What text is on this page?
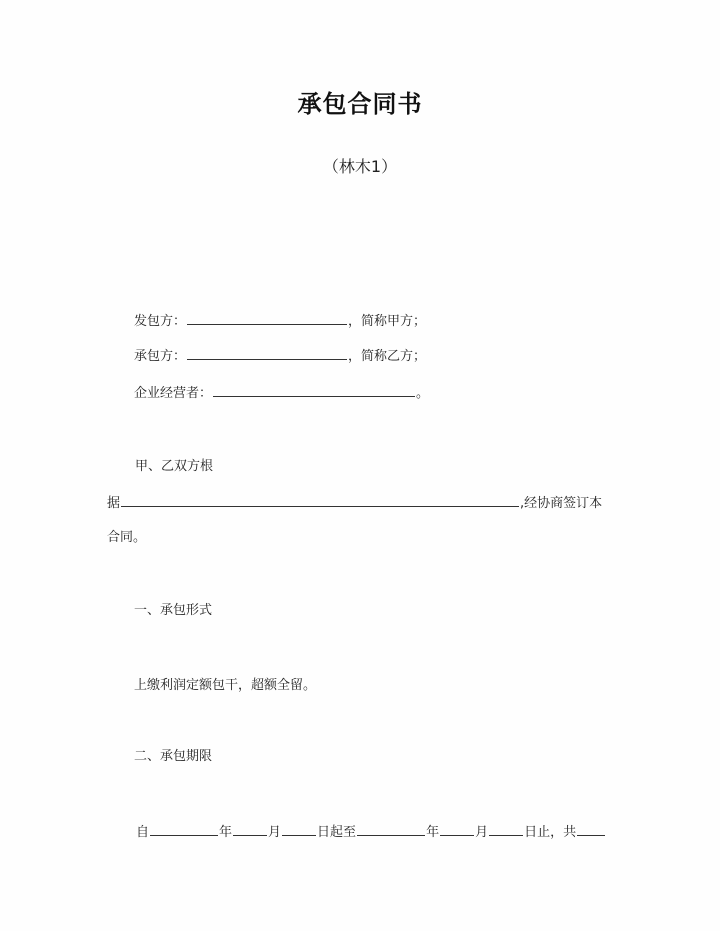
承包合同书
（林木1）
发包方：	，简称甲方；
承包方：	，简称乙方；
企业经营者：	。
甲、乙双方根
据	,经协商签订本
合同。
一、承包形式
上缴利润定额包干，超额全留。
二、承包期限
自	年	月	日起至	年	月	日止，共
